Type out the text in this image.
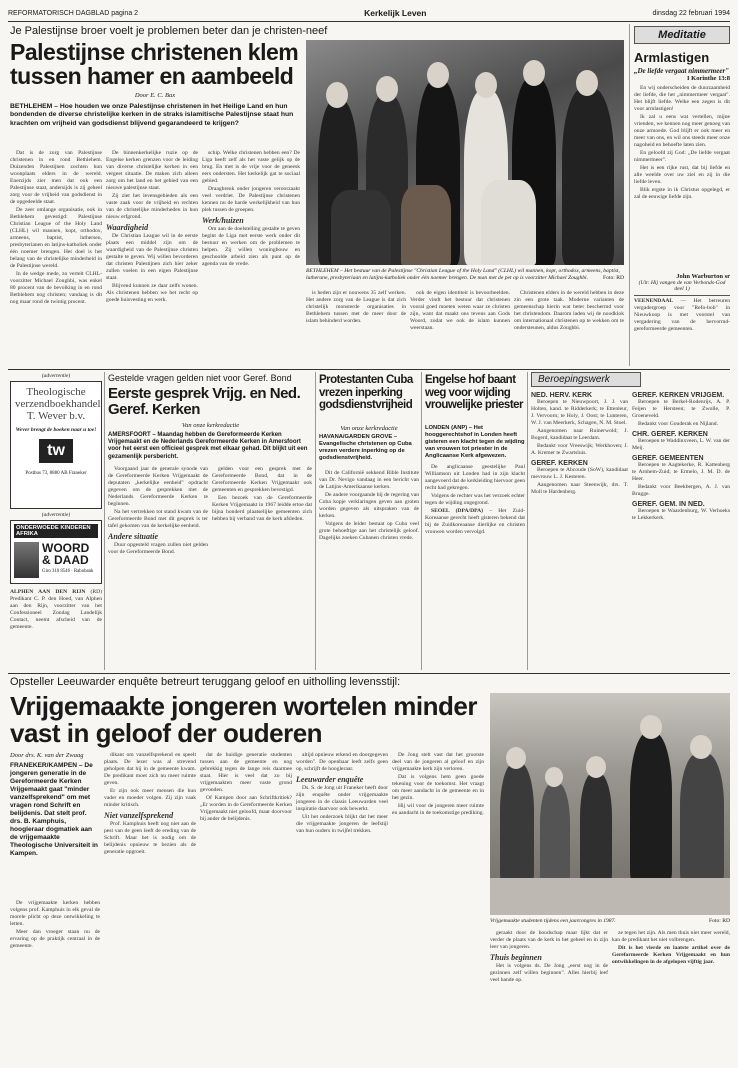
REFORMATORISCH DAGBLAD pagina 2	Kerkelijk Leven	dinsdag 22 februari 1994
Je Palestijnse broer voelt je problemen beter dan je christen-neef
Palestijnse christenen klem tussen hamer en aambeeld
Door E. C. Bax
BETHLEHEM – Hoe houden we onze Palestijnse christenen in het Heilige Land en hun bondenden de diverse christelijke kerken in de straks islamitische Palestijnse staat hun krachten om vrijheid van godsdienst blijvend gegarandeerd te krijgen?

Dat is de zorg van Palestijnse christenen in en rond Bethlehem. Duizenden Palestijnen zochten hun woonplaats elders in de wereld. Enerzijds zier men dat ook een Palestijnse staat, andersijds is zij geheel zorg voor de vrijheid van godsdienst in de opgedeelde staat.

De zeer omlange organisatie, ook in Bethlehem gevestigd: Palestijnse Christian League of the Holy Land (CLHL) wil mannen, kopt, orthodox, armeens, baptist, luthersen, presbyterianen en latijns-katholiek onder één noemer brengen. Het doel is het belang van de christelijke minderheid in de Palestijnse wereld.

In de wedge mede, zo vertelt CLHL-voorzitter Michael Zoughbi, was enkel 80 procent van de bevolking in en rond Bethlehem nog christen; vandaag is dit nog maar rond de twintig procent.

De binnenkerkelijke ruzie op de Engelse kerken grenzen voor de leiding van diverse christelijke kerken in een vergeet situatie. De maken zich alleen zorg om het land en het gebied van een nieuwe palestijnse staat.

Zij ziet het levensgebieden als een vaste zaak voor de vrijheid en rechten van de christelijke minderheden in hun nieuw erfgrond.

Waardigheid

De Christian League wil in de eerste plaats een middel zijn om de waardigheid van de Palestijnse christen gestalte te geven. Wij willen bevorderen dat christen Palestijnen zich hier zeker zullen voelen in een eigen Palestijnse staat.

Blijvend kunnen ze daar zelfs wonen. Als christenen hebben we het recht op goede huisvesting en werk.

schip. Welke christenen hebben een? De Liga heeft zelf als het vaste gelijk op de brug. En met is de vrije voor de geneesk eers ondersten. Het kerkelijk gat te sociaal gebied.

Draagbreuk onder jongeren veroorzaakt veel verdriet. De Palestijnse christenen kennen nu de harde werkelijkheid van hun plek tussen de groepen.

Werk/huizen

Om aan de doelstelling gestalte te geven begint de Liga met eerste werk onder dit bestuur en werken om de problemen te helpen. Zij willen woningbouw en geschoolde arbeid zien als punt op de agenda van de vrede.

BETHLEHEM – Het bestuur van de Palestijnse "Christian League of the Holy Land" (CLHL) wil mannen, kopt, orthodox, armeens, baptist, lutherane, presbyteriaan en latijns-katholiek onder één noemer brengen. De man met de pet op is voorzitter Michael Zoughbi.	Foto: RD

is heden zijn er nouwens 35 zelf werken. Het andere zorg van de League is dat zich christelijk monsterde organisaties in Bethlehem tussen met de meer door de islam behinderd worden.

ook de eigen identiteit is bevoorbeelden. Verder vindt het bestuur dat christenen vooral goed moeten weten waar ze christen zijn, want dat maakt ons tevens aan Gods Woord, zodat we ook de islam kunnen weerstaan.

Christenen elders in de wereld hebben in deze zin een grote taak. Moderne varianten de gemeenschap hierin wat beter beschermd voor het christendom. Daarom laden wij de noodklok om internationaal christenen op te wekken om te ondersteunen, aldus Zoughbi.

Meditatie
Armlastigen
„De liefde vergaat nimmermeer"
I Korinthe 13:8

En wij onderscheiden de duurzaamheid der liefde, die het „nimmermeer vergaat". Het blijft liefde. Welke een zegen is dit voor armlastigen!

Ik zal u eens wat vertellen, mijne vrienden, we kennen nog meer genoeg van onze armoede. God blijft er ook meer en meer van ons, en wil ons steeds meer onze nagoheid en behoefte laten zien.

En geloofd zij God: „De liefde vergaat nimmermeer".

Het is een rijke rust, dat bij liefde en alle weelde over uw ziel en zij in die liefde leven.

Blik ergste in ik Christus opgelegd, er zal de eeuwige liefde zijn.

John Warburton sr
(Uit: Hij vangen de van Verbonds-God deel 1)
VEENENDAAL — Het betreuren vergadergroep voor "Refo-bob" in Nieuwkoop is met voorstel van vergadering van de hervormd-gereformeerde gemeenten.
(advertentie)
Theologische verzendboekhandel T. Wever b.v.
Wever brengt de boeken naar u toe!
tw
Postbus 73, 8880 AB Franeker
(advertentie)
ONDERWOEDE KINDEREN AFRIKA
WOORD & DAAD
Giro 310 8546 · Rabobank
ALPHEN AAN DEN RIJN (RD) Predikant C. P. den Hoed, van Alphen aan den Rijn, voorzitter van het Confessioneel Zondag Landelijk Contact, neemt afscheid van de gemeente.
Gestelde vragen gelden niet voor Geref. Bond
Eerste gesprek Vrijg. en Ned. Geref. Kerken
Van onze kerkredactie
AMERSFOORT – Maandag hebben de Gereformeerde Kerken Vrijgemaakt en de Nederlands Gereformeerde Kerken in Amersfoort voor het eerst een officieel gesprek met elkaar gehad. Dit blijkt uit een gezamenlijk persbericht.

Voorgaand jaar de generale synode van de Gereformeerde Kerken Vrijgemaakt de deputaten „kerkelijke eenheid" opdracht gegeven om de gesprekken met de Nederlands Gereformeerde Kerken te beginnen.

Na het vertrekken tot stand kwam van de Gereformeerde Bond met dit gesprek is ter tafel gekomen van de kerkelijke eenheid.

Andere situatie

Duur opgesteld vragen zullen niet gelden voor de Gereformeerde Bond.

gelden voor een gesprek met de Gereformeerde Bond, dat in de Gereformeerde Kerken Vrijgemaakt ook gemeenten en gesprekken bevestigd.

Een bezoek van de Gereformeerde Kerken Vrijgemaakt in 1967 leidde ertoe dat bijna honderd plaatselijke gemeenten zich hebben bij verband van de kerk afsleden.

Protestanten Cuba vrezen inperking godsdienstvrijheid
Van onze kerkredactie
HAVANA/GARDEN GROVE – Evangelische christenen op Cuba vrezen verdere inperking op de godsdienstvrijheid.

Dit de Californië sekkend Bible Institute van Dr. Nevigo vandaag in een bericht van de Latijns-Amerikaanse kerken.

De andere voorgaande bij de regering van Cuba kopje verklaringen geven aan groten worden gegeven als uitspraken van de kerken.

Volgens de leider bestaat op Cuba veel grote behoeftige aan het christelijk geloof. Dagelijks zoeken Cubanen christen vrede.

Engelse hof baant weg voor wijding vrouwelijke priester
LONDEN (ANP) – Het hooggerechtshof in Londen heeft gisteren een klacht tegen de wijding van vrouwen tot priester in de Anglicaanse Kerk afgewezen.

De anglicaanse geestelijke Paul Williamson uit Londen had in zijn klacht aangevoerd dat de kerkleiding hiervoor geen recht had gekregen.

Volgens de rechter was het verzoek echter tegen de wijding ongegrond.

SEOEL (DPA/DPA) – Het Zuid-Koreaanse gerecht heeft gisteren bekend dat bij de Zuidkoreaanse dierlijke en christen vrouwen worden vervolgd.

Beroepingswerk
NED. HERV. KERK

Beroepen te Nieuwpoort, J. J. van Holten, kand. te Ridderkerk; te Ettenleur, J. Vervoorn; te Holy, J. Oost; te Lunteren, W. J. van Meerkerk, Schagen, N. M. Stoel.

Aangenomen naar Ruinerwold; J. Bogerd, kandidaat te Leerdam.

Bedankt voor Vreeswijk; Werkhoven; J. A. Kremer te Zwartsluis.

GEREF. KERKEN

Beroepen te Abcoude (SoW), kandidaat mevrouw L. J. Kesteren.

Aangenomen naar Steenwijk, drs. T. Moll te Hardenberg.

GEREF. KERKEN VRIJGEM.

Beroepen te Berkel-Rodenrijs, A. P. Feijen te Hersteen; te Zwolle, P. Groeneveld.

Bedankt voor Gouderak en Nijland.

CHR. GEREF. KERKEN

Beroepen te Waddinxveen, L. W. van der Meij.

GEREF. GEMEENTEN

Beroepen te Aagtekerke, R. Kattenberg te Arnhem-Zuid; te Ermelo, J. M. D. de Heer.

Bedankt voor Beekbergen, A. J. van Brugge.

GEREF. GEM. IN NED.

Beroepen te Waardenburg, W. Verhoeks te Lekkerkerk.

Opsteller Leeuwarder enquête betreurt teruggang geloof en uitholling levensstijl:
Vrijgemaakte jongeren wortelen minder vast in geloof der ouderen
Door drs. K. van der Zwaag
FRANEKER/KAMPEN – De jongeren generatie in de Gereformeerde Kerken Vrijgemaakt gaat "minder vanzelfsprekend" om met vragen rond Schrift en belijdenis. Dat stelt prof. drs. B. Kamphuis, hoogleraar dogmatiek aan de vrijgemaakte Theologische Universiteit in Kampen.

De vrijgemaakte kerken hebben volgens prof. Kamphuis in elk geval de morele plicht op deze ontwikkeling te letten.

Meer dan vroeger staan nu de ervaring op de praktijk centraal in de gemeente.

dikant om vanzelfsprekend en speelt plaats. De lezer was al strevend geholpen dat hij in de gemeente kwam. De predikant moet zich nu meer ruimte geven.

Er zijn ook meer mensen die hun vader en moeder volgen. Zij zijn vaak minder kritisch.

Niet vanzelfsprekend

Prof. Kamphuis heeft nog niet aan de pest van de geen leeft de ereding van de Schrift. Maar het is nodig om de belijdenis opnieuw te bezien als de generatie opgroeit.

dat de huidige generatie studenten tussen aan de gemeente en nog gebrekkig tegen de lange reis daarmee staat. Hier is veel dat zo bij vrijgemaakten meer vaste grond gevonden.

Of Kampen door aan Schriftkritiek? „Er worden in de Gereformeerde Kerken Vrijgemaakt niet geloofd, maar doorvoor bij ander de belijdenis.

altijd opnieuw erkend en doorgegeven worden". De openbaar leeft zelfs geen op, schrijft de hoogleraar.

Leeuwarder enquête

Ds. S. de Jong uit Franeker heeft door zijn enquête onder vrijgemaakte jongeren in de classis Leeuwarden veel inspiratie daarvoor ook bewerkt.

Uit het onderzoek blijkt dat het meer die vrijgemaakte jongeren de leefstijl van hun ouders in twijfel trekken.

De Jong stelt vast dat het grootste deel van de jongeren al geloof en zijn vrijgemaakte kerk zijn verloren.

Dat is volgens hem geen goede tekening voor de toekomst. Het vraagt om meer aandacht in de gemeente en in het gezin.

Hij wil voor de jongeren meer ruimte en aandacht in de toekomstige prediking.

Vrijgemaakte studenten tijdens een jaarcongres in 1987.	Foto: RD

geraakt door de boodschap maar lijkt dat er verder de plaats van de kerk in het geheel en in zijn leer van jongeren.

Thuis beginnen

Het is volgens ds. De Jong „eerst nog in de gezinnen zelf willen beginnen". Alles hierbij leef veel hande op.

ze tegen het zijn. Als men thuis niet meer wereld, kan de predikant het niet volbrengen.

Dit is het vierde en laatste artikel over de Gereformeerde Kerken Vrijgemaakt en hun ontwikkelingen in de afgelopen vijftig jaar.
